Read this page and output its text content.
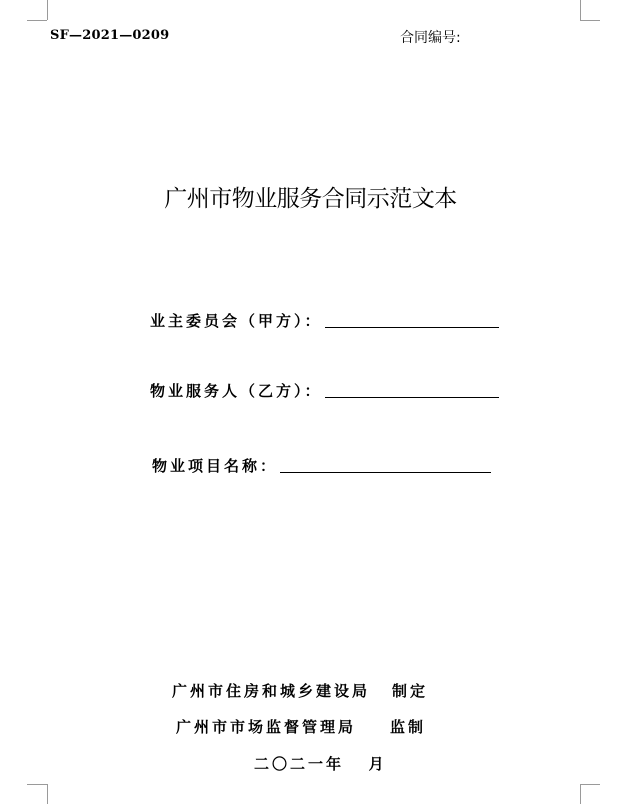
SF—2021—0209	合同编号:
广州市物业服务合同示范文本
业主委员会（甲方）：
物业服务人（乙方）：
物业项目名称：
广州市住房和城乡建设局 制定
广州市市场监督管理局 监制
二〇二一年   月
